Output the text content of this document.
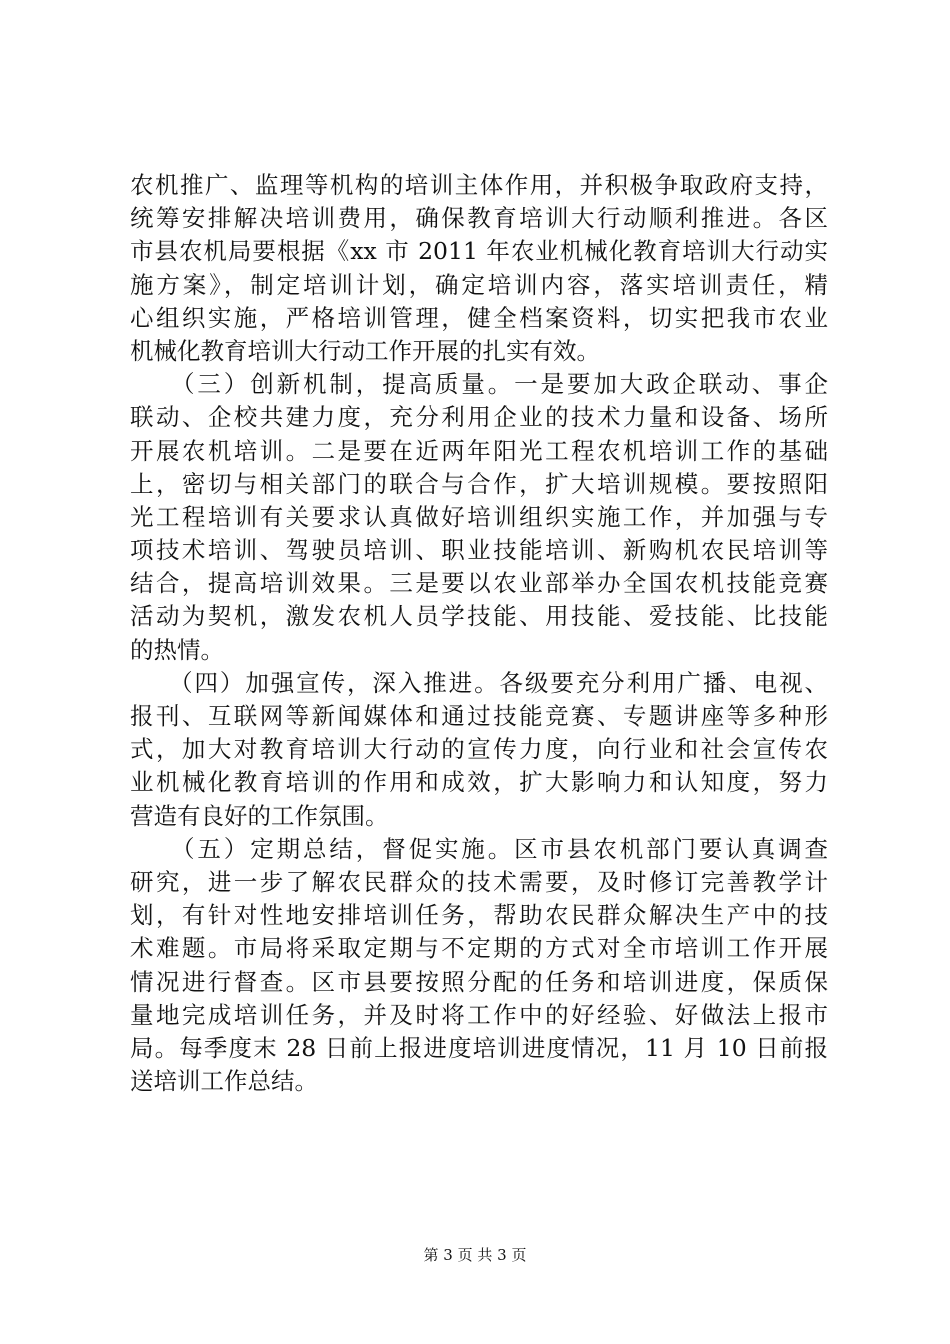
农机推广、监理等机构的培训主体作用，并积极争取政府支持，
统筹安排解决培训费用，确保教育培训大行动顺利推进。各区
市县农机局要根据《xx 市 2011 年农业机械化教育培训大行动实
施方案》，制定培训计划，确定培训内容，落实培训责任，精
心组织实施，严格培训管理，健全档案资料，切实把我市农业
机械化教育培训大行动工作开展的扎实有效。
　　（三）创新机制，提高质量。一是要加大政企联动、事企
联动、企校共建力度，充分利用企业的技术力量和设备、场所
开展农机培训。二是要在近两年阳光工程农机培训工作的基础
上，密切与相关部门的联合与合作，扩大培训规模。要按照阳
光工程培训有关要求认真做好培训组织实施工作，并加强与专
项技术培训、驾驶员培训、职业技能培训、新购机农民培训等
结合，提高培训效果。三是要以农业部举办全国农机技能竞赛
活动为契机，激发农机人员学技能、用技能、爱技能、比技能
的热情。
　　（四）加强宣传，深入推进。各级要充分利用广播、电视、
报刊、互联网等新闻媒体和通过技能竞赛、专题讲座等多种形
式，加大对教育培训大行动的宣传力度，向行业和社会宣传农
业机械化教育培训的作用和成效，扩大影响力和认知度，努力
营造有良好的工作氛围。
　　（五）定期总结，督促实施。区市县农机部门要认真调查
研究，进一步了解农民群众的技术需要，及时修订完善教学计
划，有针对性地安排培训任务，帮助农民群众解决生产中的技
术难题。市局将采取定期与不定期的方式对全市培训工作开展
情况进行督查。区市县要按照分配的任务和培训进度，保质保
量地完成培训任务，并及时将工作中的好经验、好做法上报市
局。每季度末 28 日前上报进度培训进度情况，11 月 10 日前报
送培训工作总结。
第 3 页 共 3 页
